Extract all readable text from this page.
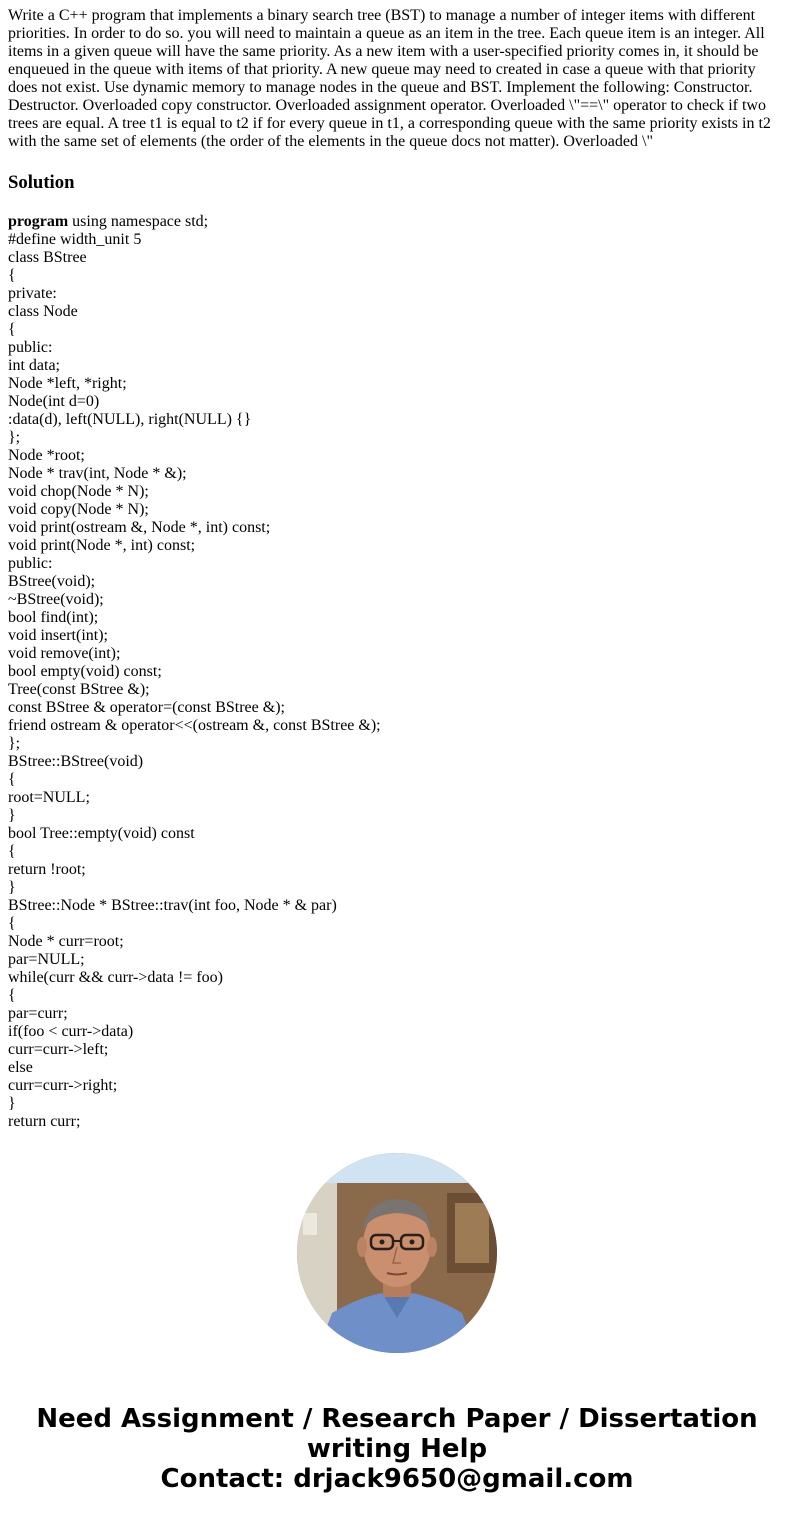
Write a C++ program that implements a binary search tree (BST) to manage a number of integer items with different priorities. In order to do so. you will need to maintain a queue as an item in the tree. Each queue item is an integer. All items in a given queue will have the same priority. As a new item with a user-specified priority comes in, it should be enqueued in the queue with items of that priority. A new queue may need to created in case a queue with that priority does not exist. Use dynamic memory to manage nodes in the queue and BST. Implement the following: Constructor. Destructor. Overloaded copy constructor. Overloaded assignment operator. Overloaded \"==\" operator to check if two trees are equal. A tree t1 is equal to t2 if for every queue in t1, a corresponding queue with the same priority exists in t2 with the same set of elements (the order of the elements in the queue docs not matter). Overloaded \"

Solution
program using namespace std;
#define width_unit 5
class BStree
{
private:
class Node
{
public:
int data;
Node *left, *right;
Node(int d=0)
:data(d), left(NULL), right(NULL) {}
};
Node *root;
Node * trav(int, Node * &);
void chop(Node * N);
void copy(Node * N);
void print(ostream &, Node *, int) const;
void print(Node *, int) const;
public:
BStree(void);
~BStree(void);
bool find(int);
void insert(int);
void remove(int);
bool empty(void) const;
Tree(const BStree &);
const BStree & operator=(const BStree &);
friend ostream & operator<<(ostream &, const BStree &);
};
BStree::BStree(void)
{
root=NULL;
}
bool Tree::empty(void) const
{
return !root;
}
BStree::Node * BStree::trav(int foo, Node * & par)
{
Node * curr=root;
par=NULL;
while(curr && curr->data != foo)
{
par=curr;
if(foo < curr->data)
curr=curr->left;
else
curr=curr->right;
}
return curr;
Need Assignment / Research Paper / Dissertation
writing Help
Contact: drjack9650@gmail.com
